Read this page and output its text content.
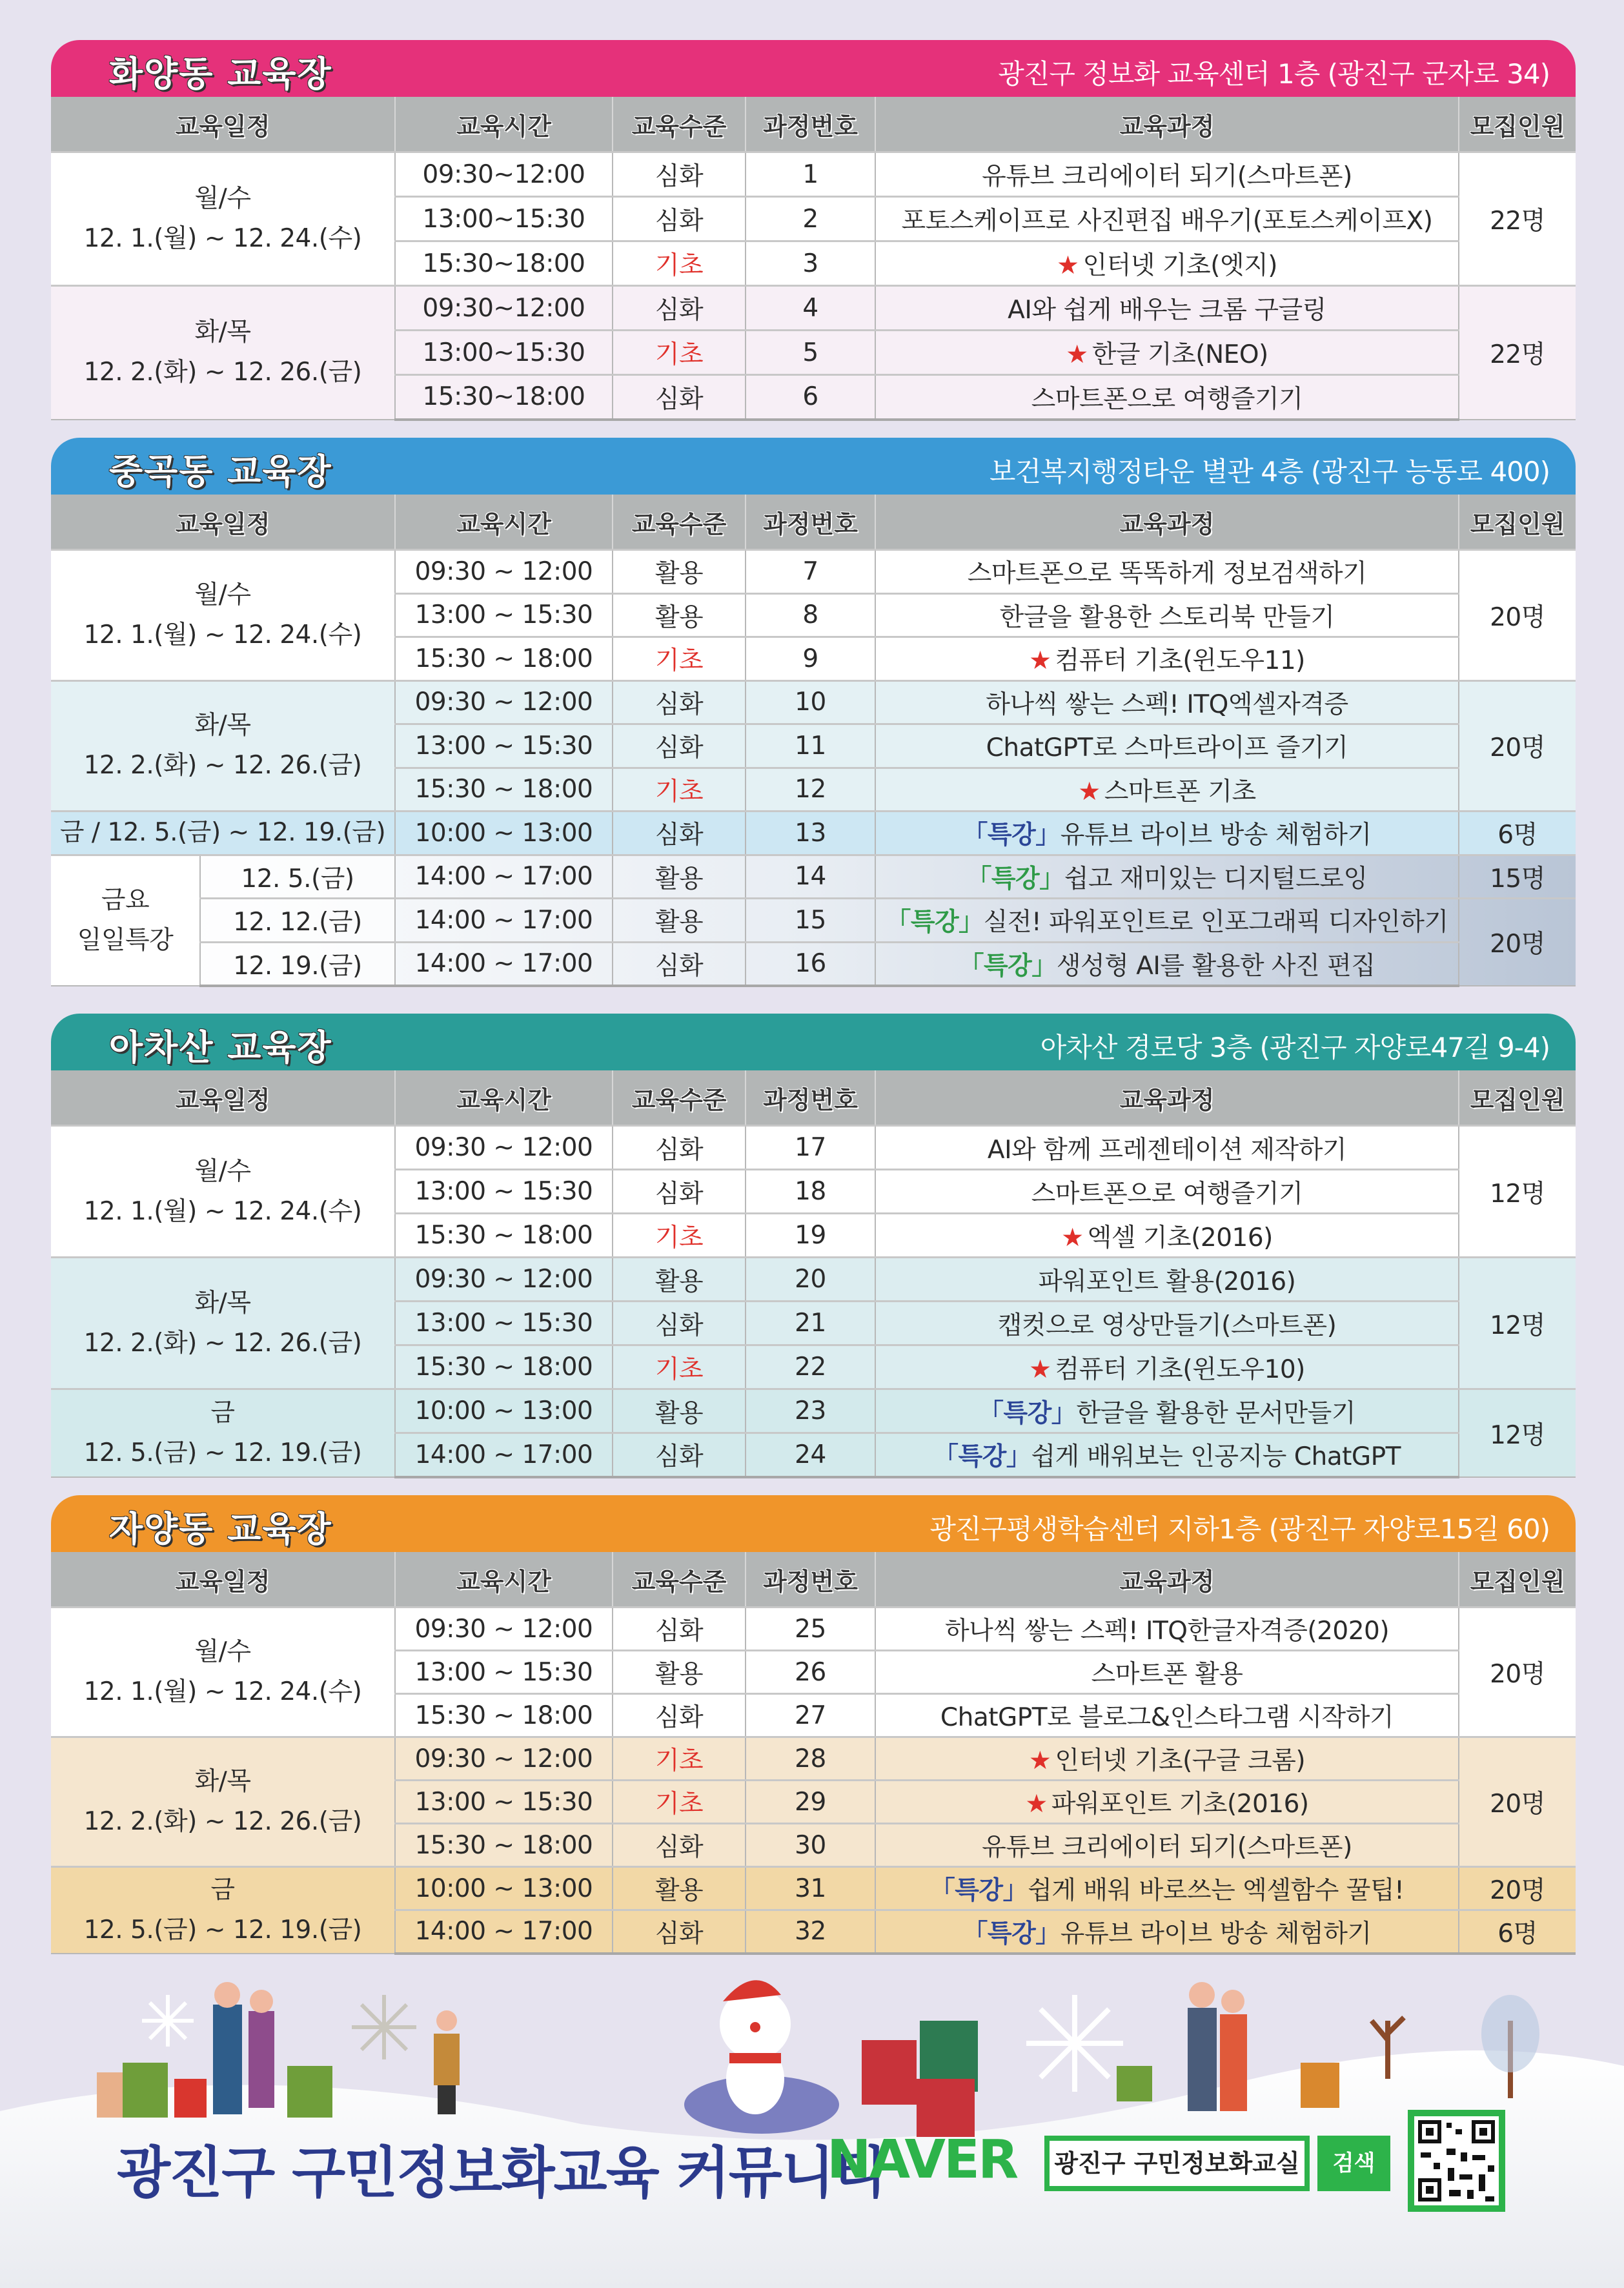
화양동 교육장	광진구 정보화 교육센터 1층 (광진구 군자로 34)
교육일정	교육시간	교육수준	과정번호	교육과정	모집인원

월/수
12. 1.(월) ~ 12. 24.(수)	09:30~12:00	심화	1	유튜브 크리에이터 되기(스마트폰)	22명
	13:00~15:30	심화	2	포토스케이프로 사진편집 배우기(포토스케이프X)	
	15:30~18:00	기초	3	★ 인터넷 기초(엣지)	

화/목
12. 2.(화) ~ 12. 26.(금)	09:30~12:00	심화	4	AI와 쉽게 배우는 크롬 구글링	22명
	13:00~15:30	기초	5	★ 한글 기초(NEO)	
	15:30~18:00	심화	6	스마트폰으로 여행즐기기	
중곡동 교육장	보건복지행정타운 별관 4층 (광진구 능동로 400)
교육일정		교육시간	교육수준	과정번호	교육과정	모집인원

월/수
12. 1.(월) ~ 12. 24.(수)		09:30 ~ 12:00	활용	7	스마트폰으로 똑똑하게 정보검색하기	20명
		13:00 ~ 15:30	활용	8	한글을 활용한 스토리북 만들기	
		15:30 ~ 18:00	기초	9	★ 컴퓨터 기초(윈도우11)	

화/목
12. 2.(화) ~ 12. 26.(금)		09:30 ~ 12:00	심화	10	하나씩 쌓는 스펙! ITQ엑셀자격증	20명
		13:00 ~ 15:30	심화	11	ChatGPT로 스마트라이프 즐기기	
		15:30 ~ 18:00	기초	12	★ 스마트폰 기초	

금 / 12. 5.(금) ~ 12. 19.(금)		10:00 ~ 13:00	심화	13	「특강」유튜브 라이브 방송 체험하기	6명

금요
일일특강	12. 5.(금)	14:00 ~ 17:00	활용	14	「특강」쉽고 재미있는 디지털드로잉	15명
	12. 12.(금)	14:00 ~ 17:00	활용	15	「특강」실전! 파워포인트로 인포그래픽 디자인하기	20명
	12. 19.(금)	14:00 ~ 17:00	심화	16	「특강」생성형 AI를 활용한 사진 편집	
아차산 교육장	아차산 경로당 3층 (광진구 자양로47길 9-4)
교육일정	교육시간	교육수준	과정번호	교육과정	모집인원

월/수
12. 1.(월) ~ 12. 24.(수)	09:30 ~ 12:00	심화	17	AI와 함께 프레젠테이션 제작하기	12명
	13:00 ~ 15:30	심화	18	스마트폰으로 여행즐기기	
	15:30 ~ 18:00	기초	19	★ 엑셀 기초(2016)	

화/목
12. 2.(화) ~ 12. 26.(금)	09:30 ~ 12:00	활용	20	파워포인트 활용(2016)	12명
	13:00 ~ 15:30	심화	21	캡컷으로 영상만들기(스마트폰)	
	15:30 ~ 18:00	기초	22	★ 컴퓨터 기초(윈도우10)	

금
12. 5.(금) ~ 12. 19.(금)	10:00 ~ 13:00	활용	23	「특강」한글을 활용한 문서만들기	12명
	14:00 ~ 17:00	심화	24	「특강」쉽게 배워보는 인공지능 ChatGPT	
자양동 교육장	광진구평생학습센터 지하1층 (광진구 자양로15길 60)
교육일정	교육시간	교육수준	과정번호	교육과정	모집인원

월/수
12. 1.(월) ~ 12. 24.(수)	09:30 ~ 12:00	심화	25	하나씩 쌓는 스펙! ITQ한글자격증(2020)	20명
	13:00 ~ 15:30	활용	26	스마트폰 활용	
	15:30 ~ 18:00	심화	27	ChatGPT로 블로그&인스타그램 시작하기	

화/목
12. 2.(화) ~ 12. 26.(금)	09:30 ~ 12:00	기초	28	★ 인터넷 기초(구글 크롬)	20명
	13:00 ~ 15:30	기초	29	★ 파워포인트 기초(2016)	
	15:30 ~ 18:00	심화	30	유튜브 크리에이터 되기(스마트폰)	

금
12. 5.(금) ~ 12. 19.(금)	10:00 ~ 13:00	활용	31	「특강」쉽게 배워 바로쓰는 엑셀함수 꿀팁!	20명
	14:00 ~ 17:00	심화	32	「특강」유튜브 라이브 방송 체험하기	6명
광진구 구민정보화교육 커뮤니티
NAVER	광진구 구민정보화교실	검색
